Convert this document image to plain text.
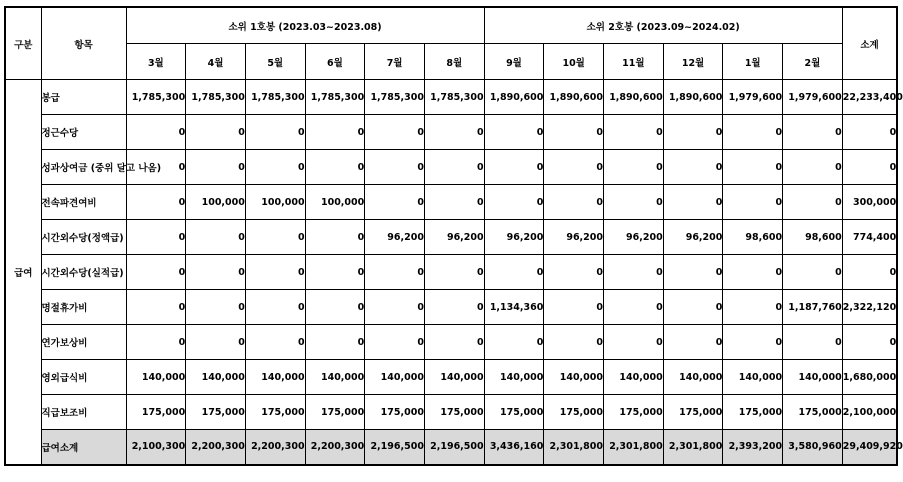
구분	항목	소위 1호봉 (2023.03~2023.08)						소위 2호봉 (2023.09~2024.02)						소계
		3월	4월	5월	6월	7월	8월	9월	10월	11월	12월	1월	2월	
급여	봉급	1,785,300	1,785,300	1,785,300	1,785,300	1,785,300	1,785,300	1,890,600	1,890,600	1,890,600	1,890,600	1,979,600	1,979,600	22,233,400
	정근수당	0	0	0	0	0	0	0	0	0	0	0	0	0
	성과상여금 (중위 달고 나옴)	0	0	0	0	0	0	0	0	0	0	0	0	0
	전속파견여비	0	100,000	100,000	100,000	0	0	0	0	0	0	0	0	300,000
	시간외수당(정액급)	0	0	0	0	96,200	96,200	96,200	96,200	96,200	96,200	98,600	98,600	774,400
	시간외수당(실적급)	0	0	0	0	0	0	0	0	0	0	0	0	0
	명절휴가비	0	0	0	0	0	0	1,134,360	0	0	0	0	1,187,760	2,322,120
	연가보상비	0	0	0	0	0	0	0	0	0	0	0	0	0
	영외급식비	140,000	140,000	140,000	140,000	140,000	140,000	140,000	140,000	140,000	140,000	140,000	140,000	1,680,000
	직급보조비	175,000	175,000	175,000	175,000	175,000	175,000	175,000	175,000	175,000	175,000	175,000	175,000	2,100,000
	급여소계	2,100,300	2,200,300	2,200,300	2,200,300	2,196,500	2,196,500	3,436,160	2,301,800	2,301,800	2,301,800	2,393,200	3,580,960	29,409,920
